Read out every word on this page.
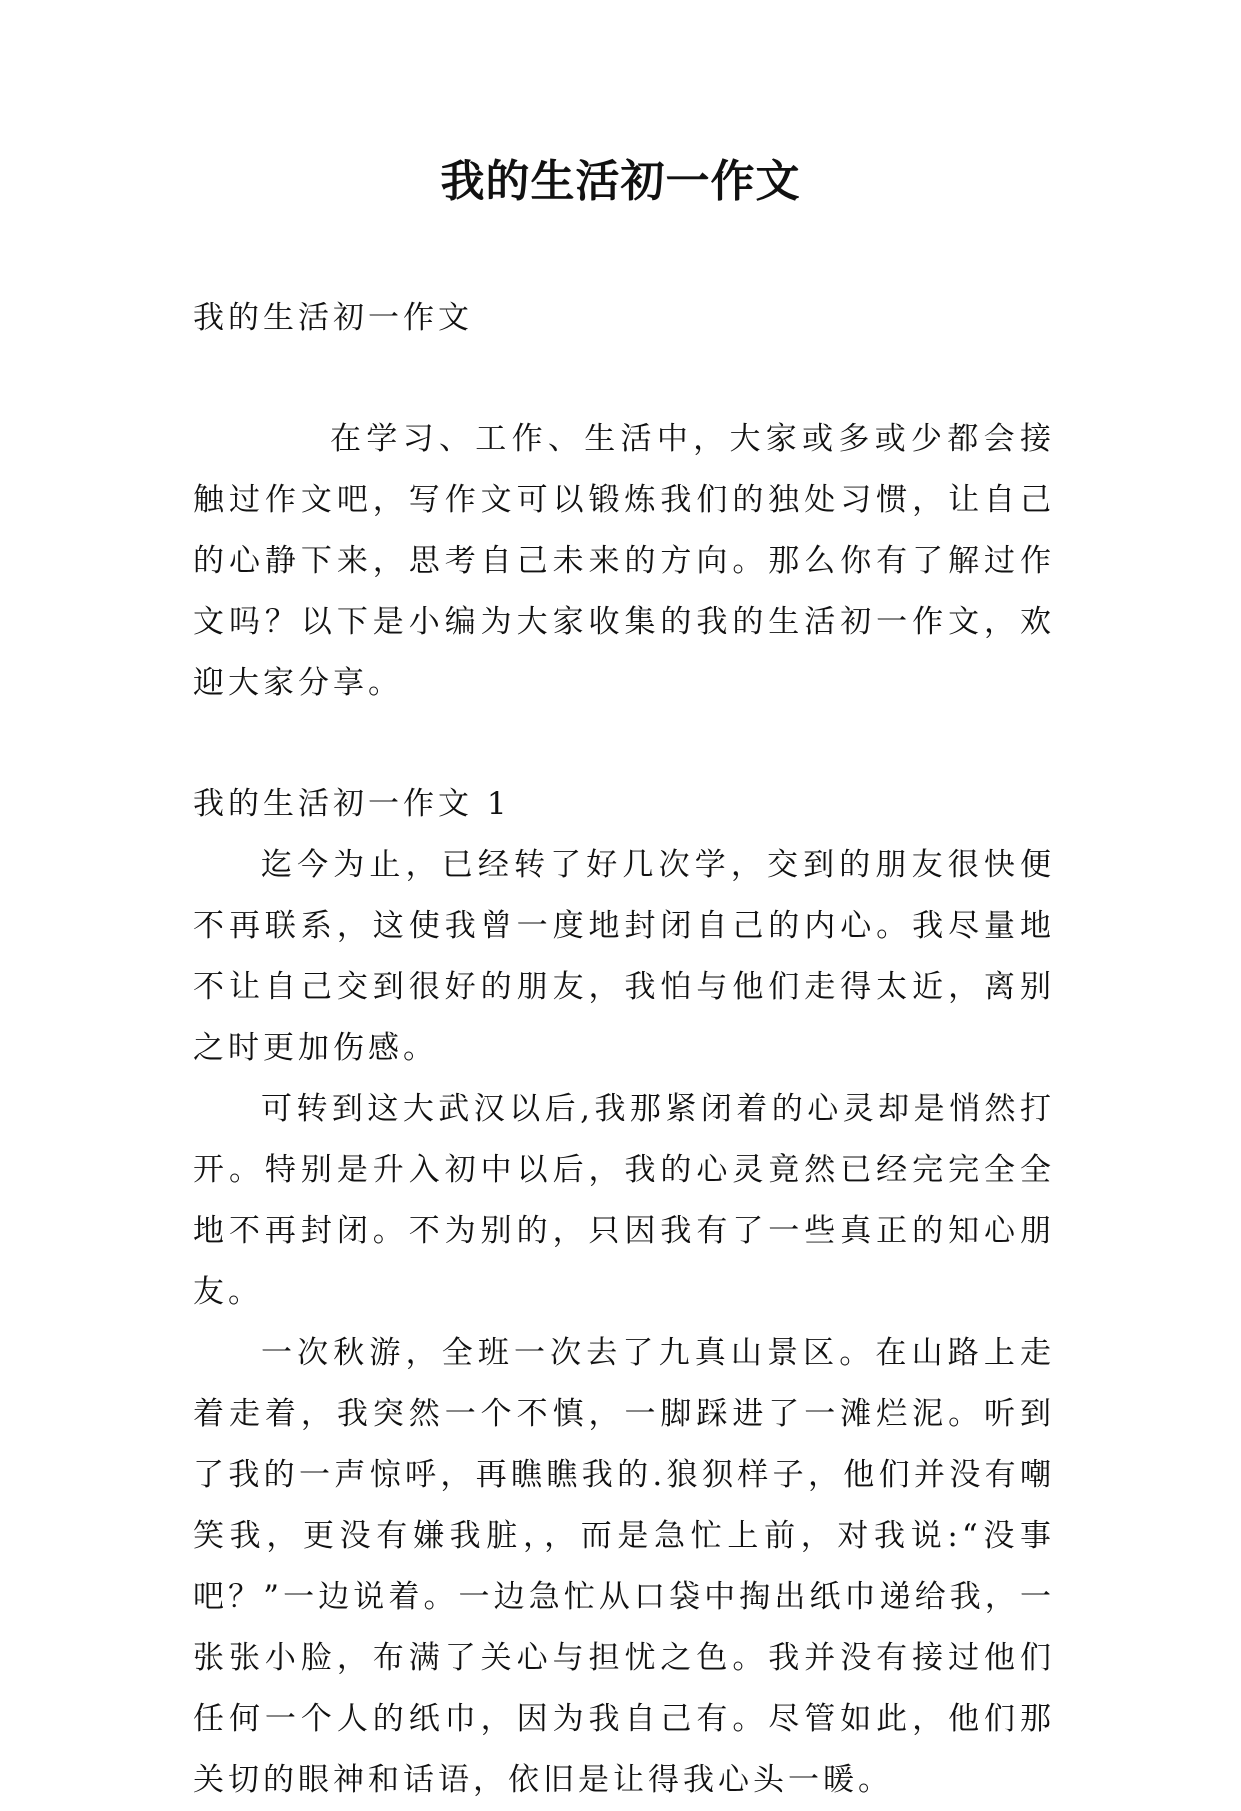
我的生活初一作文

我的生活初一作文

在学习、工作、生活中，大家或多或少都会接触过作文吧，写作文可以锻炼我们的独处习惯，让自己的心静下来，思考自己未来的方向。那么你有了解过作文吗？以下是小编为大家收集的我的生活初一作文，欢迎大家分享。

我的生活初一作文 1

迄今为止，已经转了好几次学，交到的朋友很快便不再联系，这使我曾一度地封闭自己的内心。我尽量地不让自己交到很好的朋友，我怕与他们走得太近，离别之时更加伤感。

可转到这大武汉以后,我那紧闭着的心灵却是悄然打开。特别是升入初中以后，我的心灵竟然已经完完全全地不再封闭。不为别的，只因我有了一些真正的知心朋友。

一次秋游，全班一次去了九真山景区。在山路上走着走着，我突然一个不慎，一脚踩进了一滩烂泥。听到了我的一声惊呼，再瞧瞧我的.狼狈样子，他们并没有嘲笑我，更没有嫌我脏，，而是急忙上前，对我说:“没事吧？”一边说着。一边急忙从口袋中掏出纸巾递给我，一张张小脸，布满了关心与担忧之色。我并没有接过他们任何一个人的纸巾，因为我自己有。尽管如此，他们那关切的眼神和话语，依旧是让得我心头一暖。
